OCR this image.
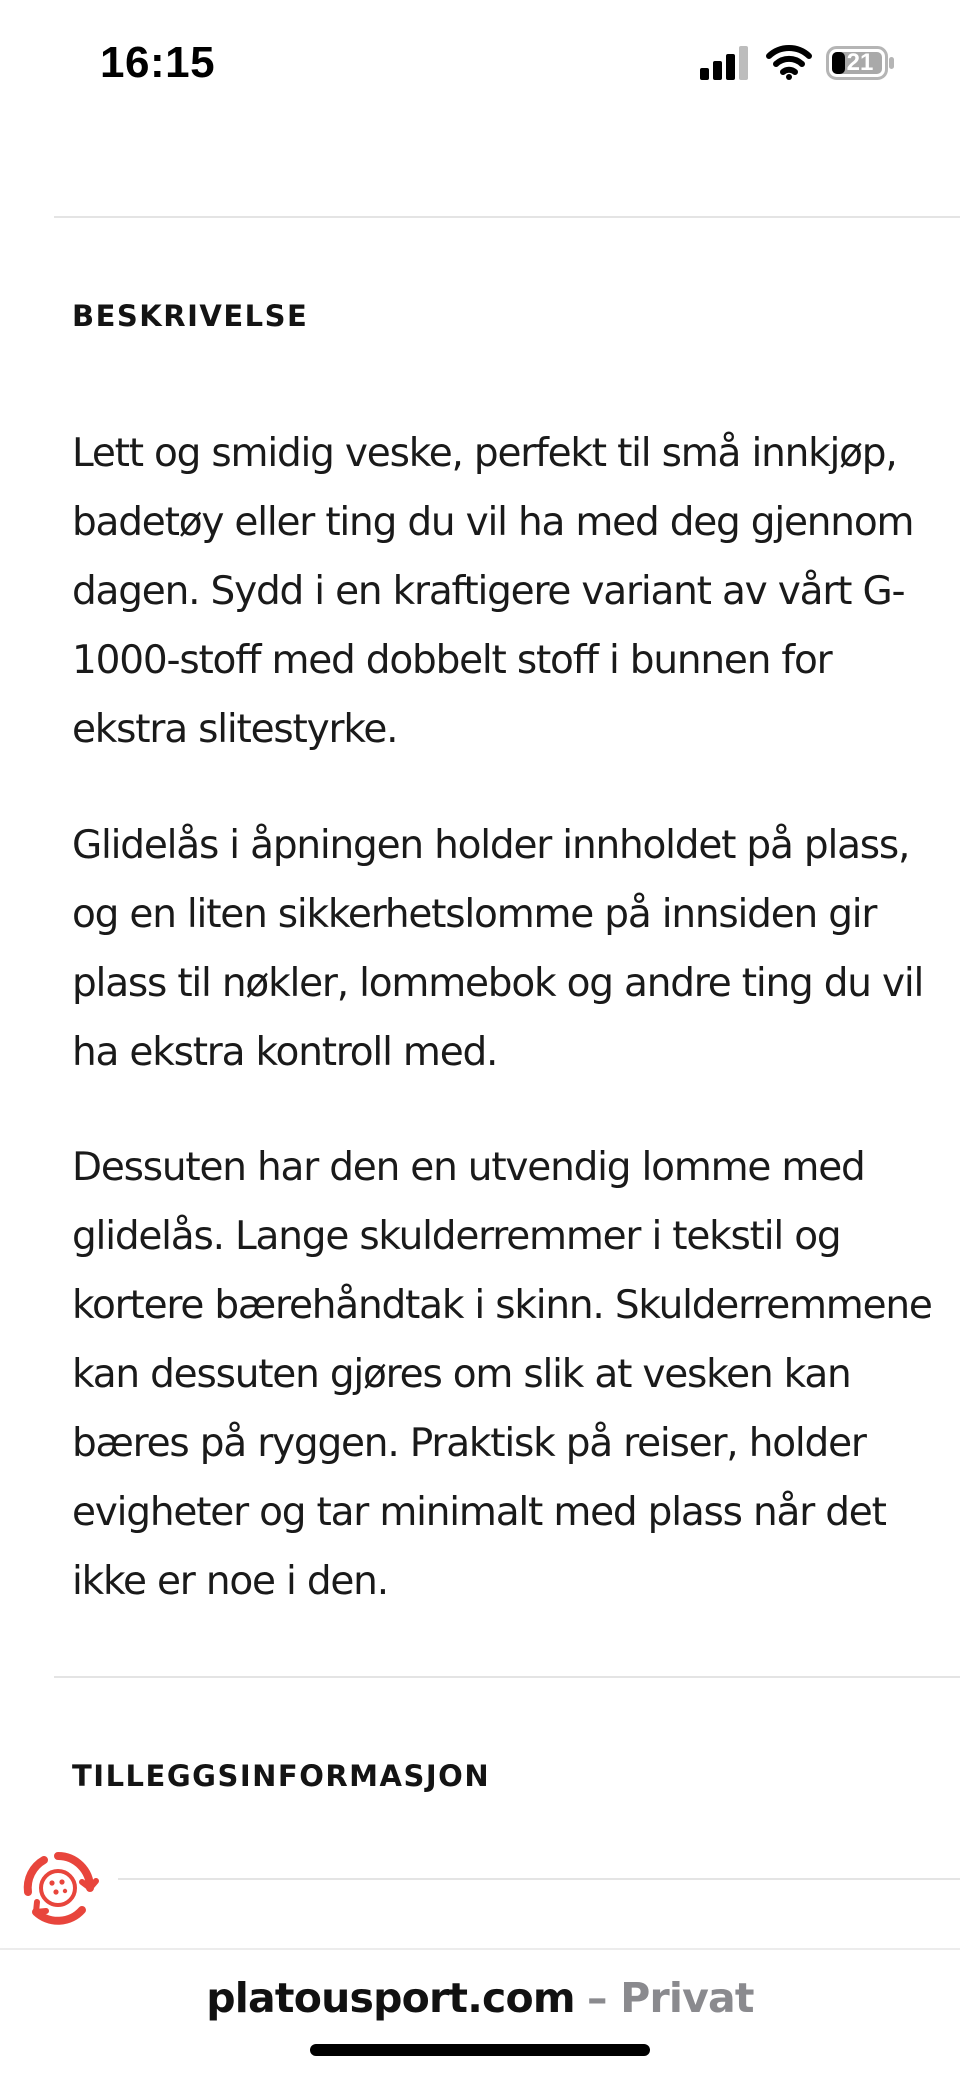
16:15	21
BESKRIVELSE

Lett og smidig veske, perfekt til små innkjøp, badetøy eller ting du vil ha med deg gjennom dagen. Sydd i en kraftigere variant av vårt G-1000-stoff med dobbelt stoff i bunnen for ekstra slitestyrke.

Glidelås i åpningen holder innholdet på plass, og en liten sikkerhetslomme på innsiden gir plass til nøkler, lommebok og andre ting du vil ha ekstra kontroll med.

Dessuten har den en utvendig lomme med glidelås. Lange skulderremmer i tekstil og kortere bærehåndtak i skinn. Skulderremmene kan dessuten gjøres om slik at vesken kan bæres på ryggen. Praktisk på reiser, holder evigheter og tar minimalt med plass når det ikke er noe i den.

TILLEGGSINFORMASJON
platousport.com – Privat
